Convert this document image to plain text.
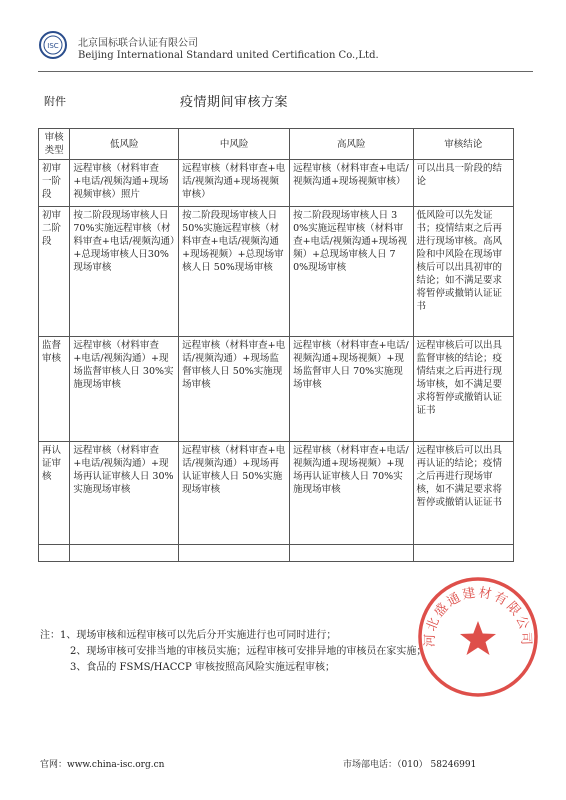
ISC 北京国标联合认证有限公司
Beijing International Standard united Certification Co.,Ltd.
附件	疫情期间审核方案
审核类型	低风险	中风险	高风险	审核结论
初审一阶段	远程审核（材料审查+电话/视频沟通+现场视频审核）照片	远程审核（材料审查+电话/视频沟通+现场视频审核）	远程审核（材料审查+电话/视频沟通+现场视频审核）	可以出具一阶段的结论
初审二阶段	按二阶段现场审核人日 70%实施远程审核（材料审查+电话/视频沟通）+总现场审核人日30%现场审核	按二阶段现场审核人日 50%实施远程审核（材料审查+电话/视频沟通+现场视频）+总现场审核人日 50%现场审核	按二阶段现场审核人日 30%实施远程审核（材料审查+电话/视频沟通+现场视频）+总现场审核人日 70%现场审核	低风险可以先发证书；疫情结束之后再进行现场审核。高风险和中风险在现场审核后可以出具初审的结论；如不满足要求将暂停或撤销认证证书
监督审核	远程审核（材料审查+电话/视频沟通）+现场监督审核人日 30%实施现场审核	远程审核（材料审查+电话/视频沟通）+现场监督审核人日 50%实施现场审核	远程审核（材料审查+电话/视频沟通+现场视频）+现场监督审人日 70%实施现场审核	远程审核后可以出具监督审核的结论；疫情结束之后再进行现场审核，如不满足要求将暂停或撤销认证证书
再认证审核	远程审核（材料审查+电话/视频沟通）+现场再认证审核人日 30%实施现场审核	远程审核（材料审查+电话/视频沟通）+现场再认证审核人日 50%实施现场审核	远程审核（材料审查+电话/视频沟通+现场视频）+现场再认证审核人日 70%实施现场审核	远程审核后可以出具再认证的结论；疫情之后再进行现场审核，如不满足要求将暂停或撤销认证证书

河北盛通建材有限公司
注：1、现场审核和远程审核可以先后分开实施进行也可同时进行；
2、现场审核可安排当地的审核员实施；远程审核可安排异地的审核员在家实施；
3、食品的 FSMS/HACCP 审核按照高风险实施远程审核；
官网：www.china-isc.org.cn	市场部电话：（010） 58246991
